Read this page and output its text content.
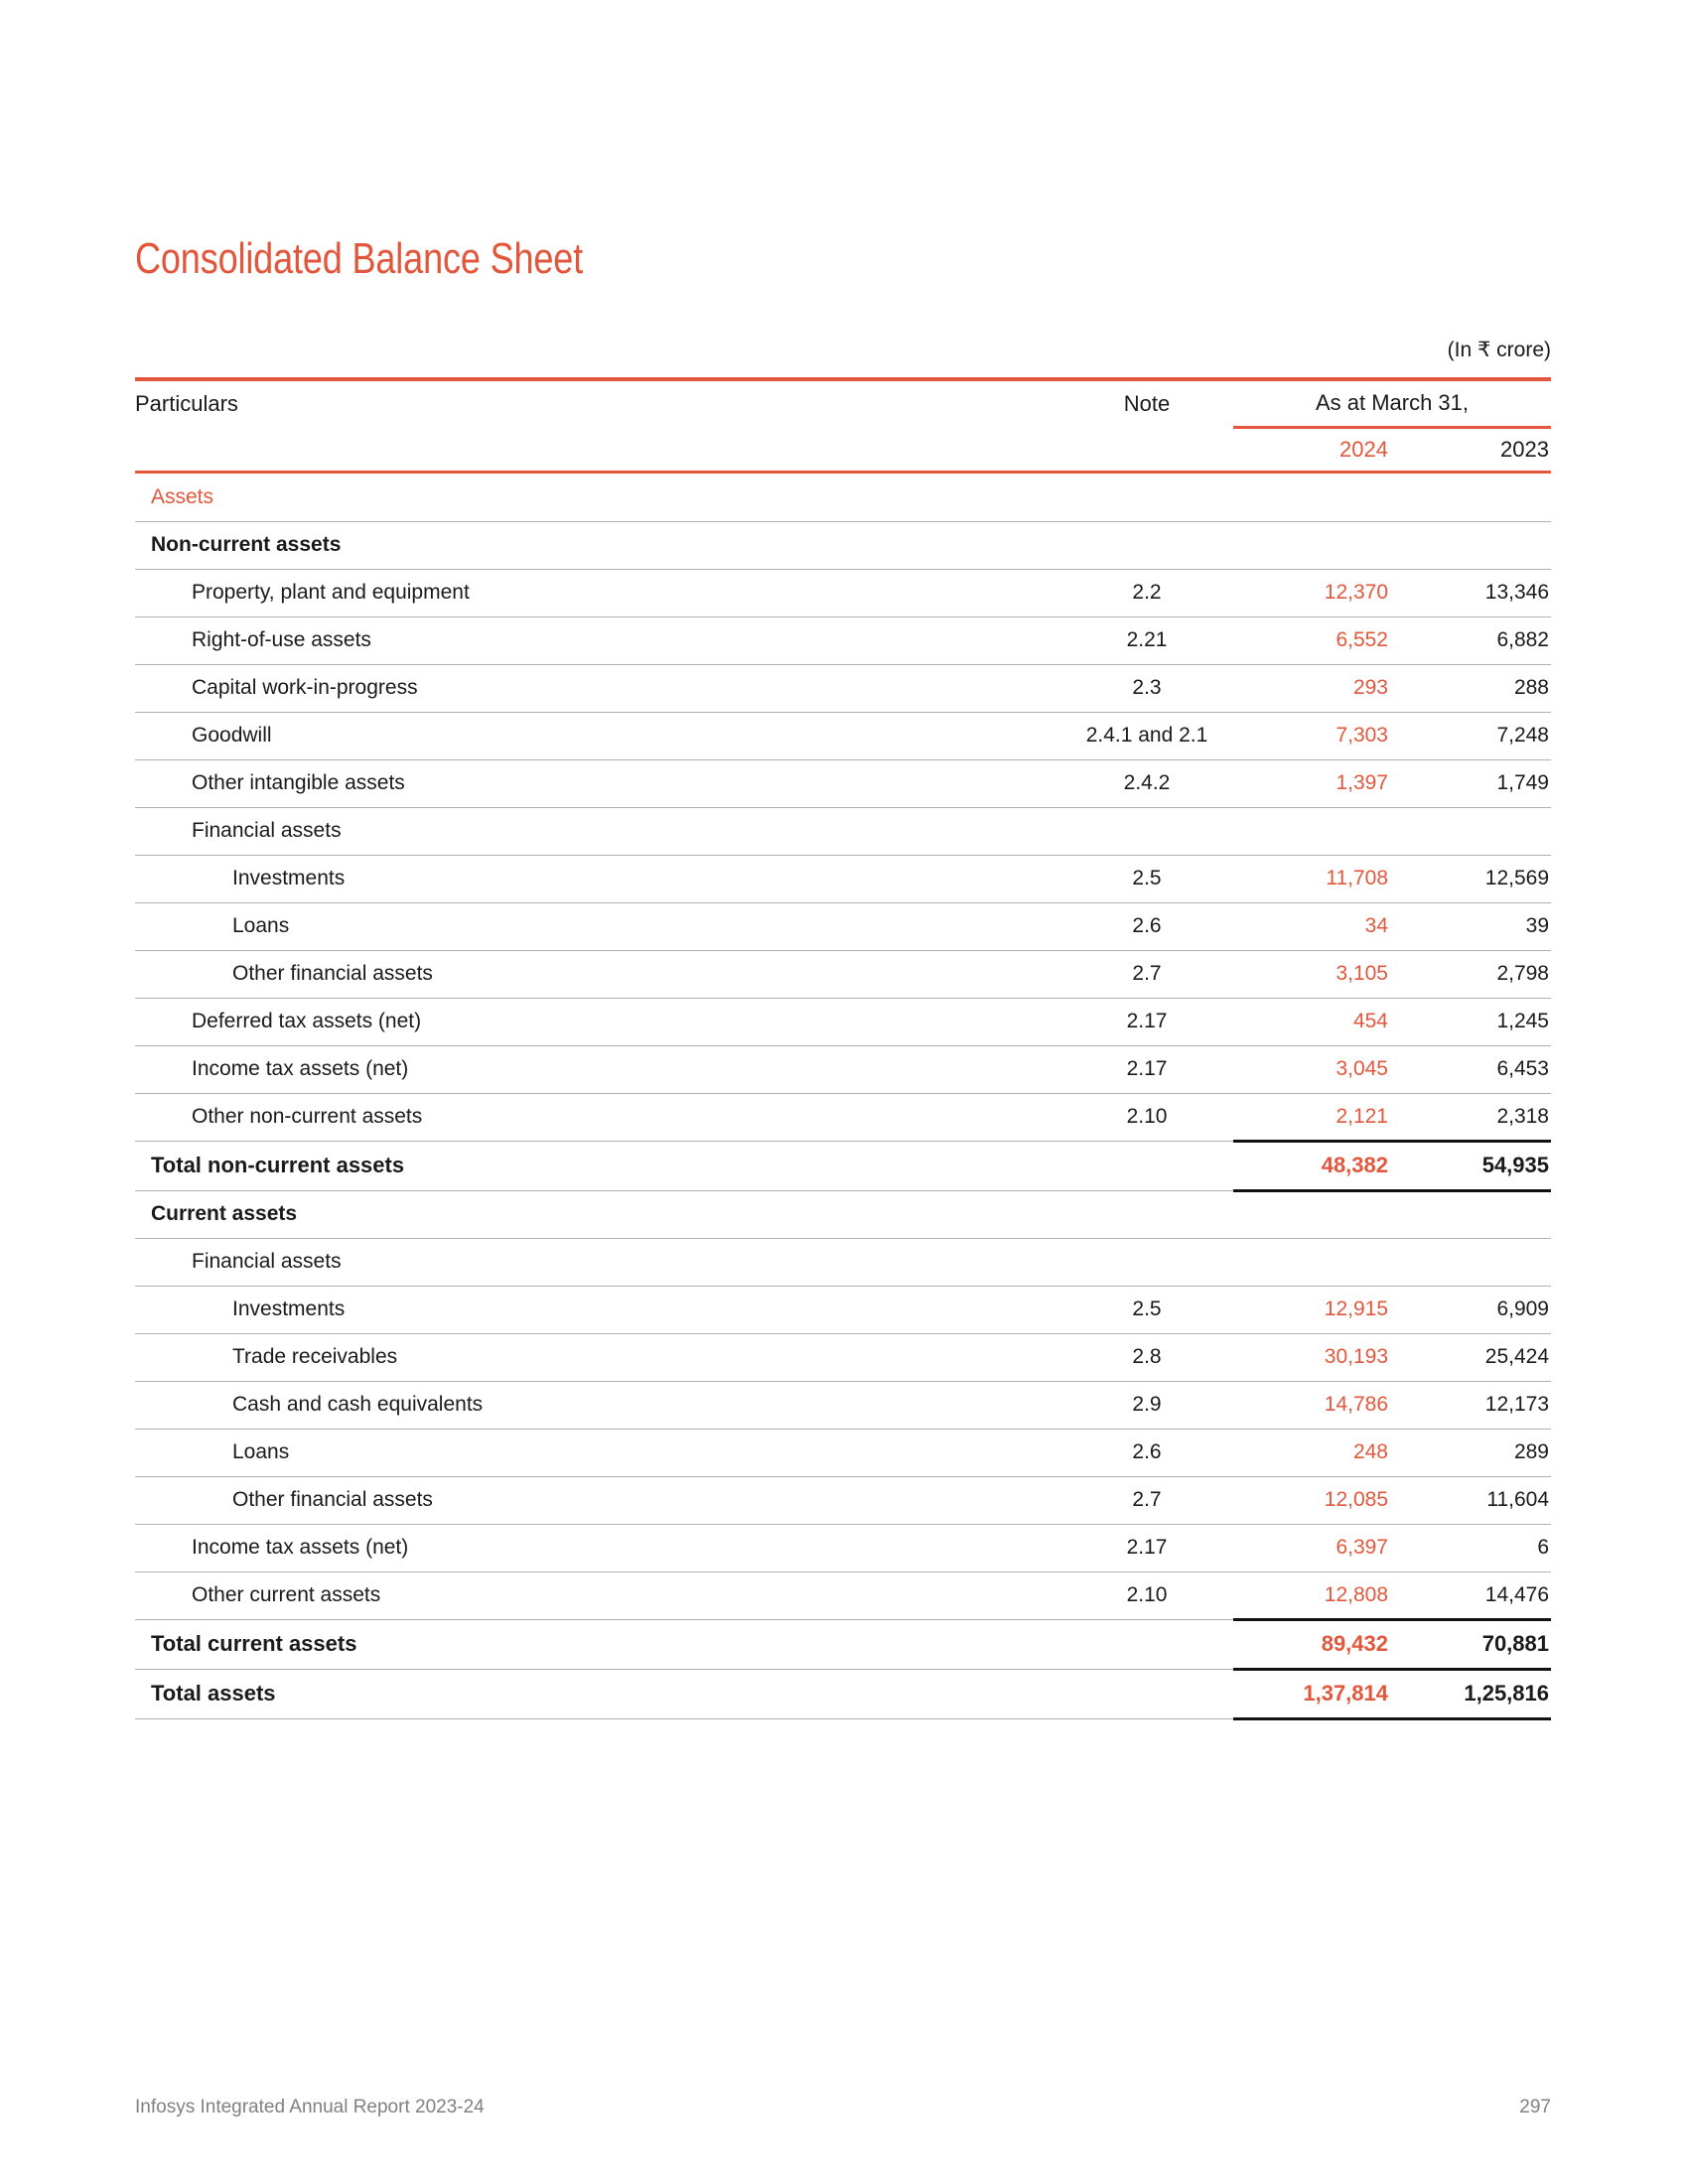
Consolidated Balance Sheet
(In ₹ crore)

Particulars	Note	As at March 31,	
		2024	2023

Assets			
Non-current assets			
Property, plant and equipment	2.2	12,370	13,346
Right-of-use assets	2.21	6,552	6,882
Capital work-in-progress	2.3	293	288
Goodwill	2.4.1 and 2.1	7,303	7,248
Other intangible assets	2.4.2	1,397	1,749
Financial assets			
Investments	2.5	11,708	12,569
Loans	2.6	34	39
Other financial assets	2.7	3,105	2,798
Deferred tax assets (net)	2.17	454	1,245
Income tax assets (net)	2.17	3,045	6,453
Other non-current assets	2.10	2,121	2,318
Total non-current assets		48,382	54,935
Current assets			
Financial assets			
Investments	2.5	12,915	6,909
Trade receivables	2.8	30,193	25,424
Cash and cash equivalents	2.9	14,786	12,173
Loans	2.6	248	289
Other financial assets	2.7	12,085	11,604
Income tax assets (net)	2.17	6,397	6
Other current assets	2.10	12,808	14,476
Total current assets		89,432	70,881
Total assets		1,37,814	1,25,816
Infosys Integrated Annual Report 2023-24	297
